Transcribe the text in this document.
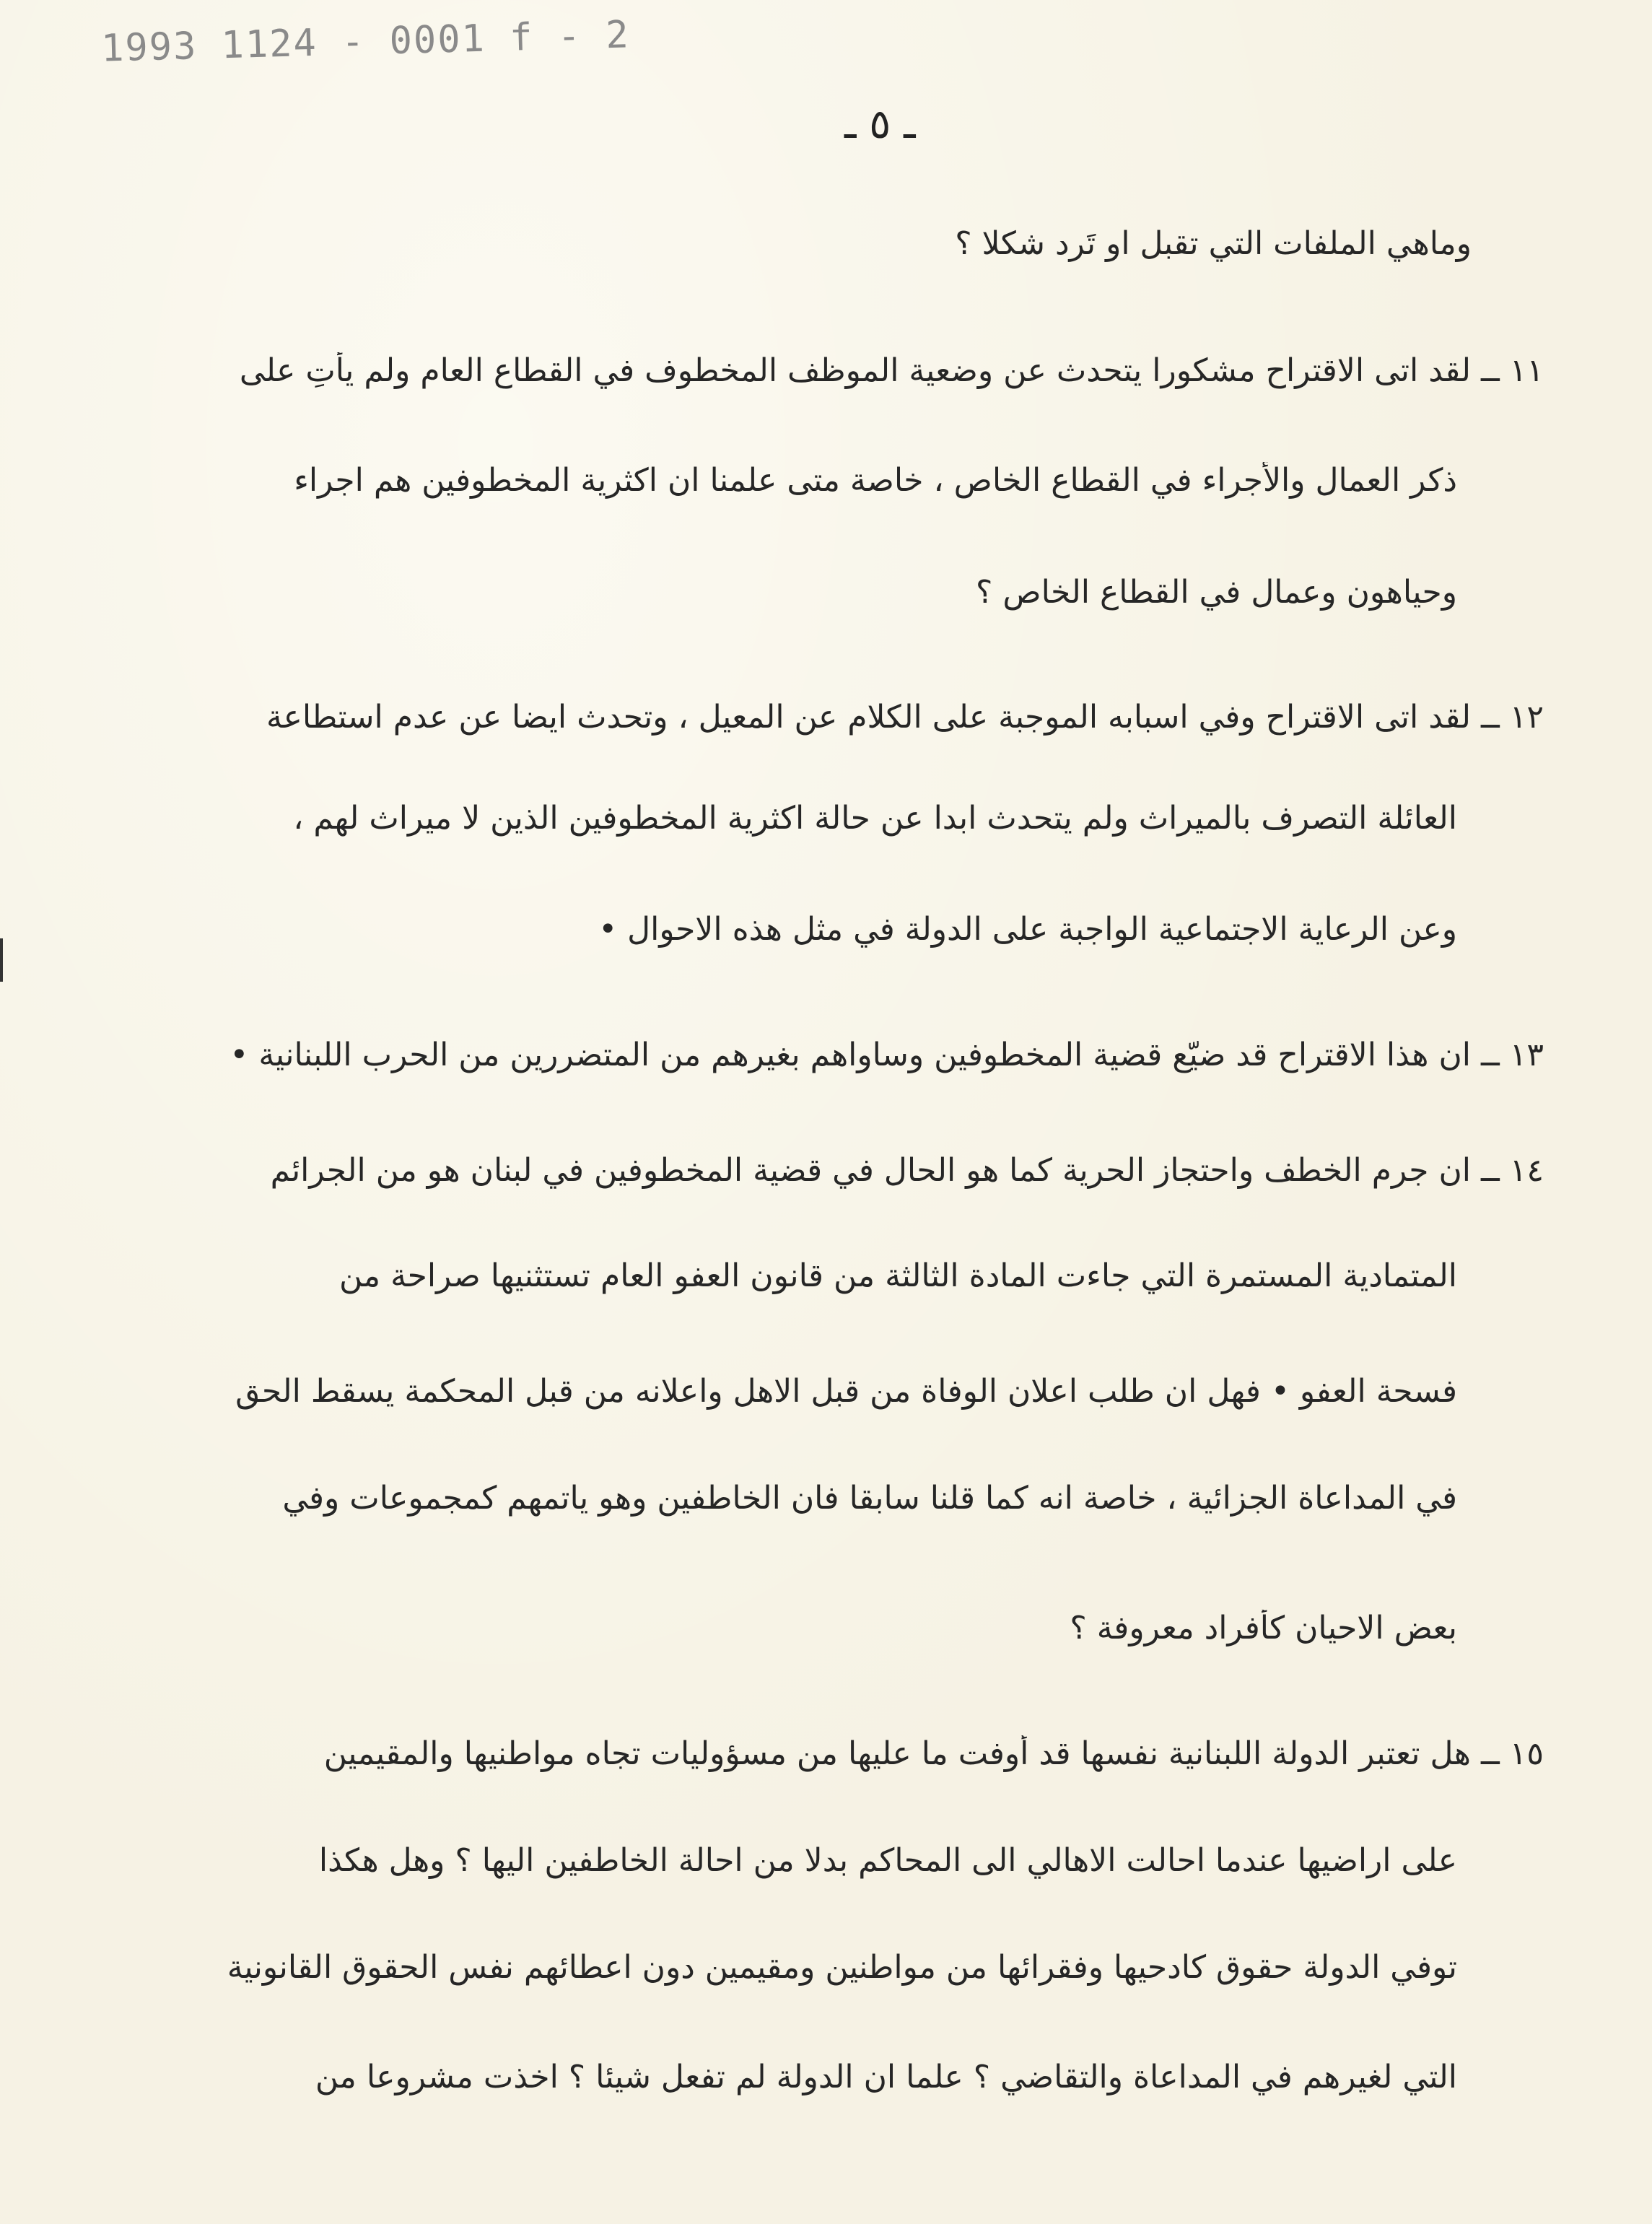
1993 1124 - 0001 f - 2
ـ ٥ ـ
وماهي الملفات التي تقبل او تَرِد شكلا ؟
١١ ــ لقد اتى الاقتراح مشكورا يتحدث عن وضعية الموظف المخطوف في القطاع العام ولم يأتِ على
ذكر العمال والأجراء في القطاع الخاص ، خاصة متى علمنا ان اكثرية المخطوفين هم اجراء
وحياهون وعمال في القطاع الخاص ؟
١٢ ــ لقد اتى الاقتراح وفي اسبابه الموجبة على الكلام عن المعيل ، وتحدث ايضا عن عدم استطاعة
العائلة التصرف بالميراث ولم يتحدث ابدا عن حالة اكثرية المخطوفين الذين لا ميراث لهم ،
وعن الرعاية الاجتماعية الواجبة على الدولة في مثل هذه الاحوال •
١٣ ــ ان هذا الاقتراح قد ضيّع قضية المخطوفين وساواهم بغيرهم من المتضررين من الحرب اللبنانية •
١٤ ــ ان جرم الخطف واحتجاز الحرية كما هو الحال في قضية المخطوفين في لبنان هو من الجرائم
المتمادية المستمرة التي جاءت المادة الثالثة من قانون العفو العام تستثنيها صراحة من
فسحة العفو • فهل ان طلب اعلان الوفاة من قبل الاهل واعلانه من قبل المحكمة يسقط الحق
في المداعاة الجزائية ، خاصة انه كما قلنا سابقا فان الخاطفين وهو ياتمهم كمجموعات وفي
بعض الاحيان كأفراد معروفة ؟
١٥ ــ هل تعتبر الدولة اللبنانية نفسها قد أوفت ما عليها من مسؤوليات تجاه مواطنيها والمقيمين
على اراضيها عندما احالت الاهالي الى المحاكم بدلا من احالة الخاطفين اليها ؟ وهل هكذا
توفي الدولة حقوق كادحيها وفقرائها من مواطنين ومقيمين دون اعطائهم نفس الحقوق القانونية
التي لغيرهم في المداعاة والتقاضي ؟ علما ان الدولة لم تفعل شيئا ؟ اخذت مشروعا من
